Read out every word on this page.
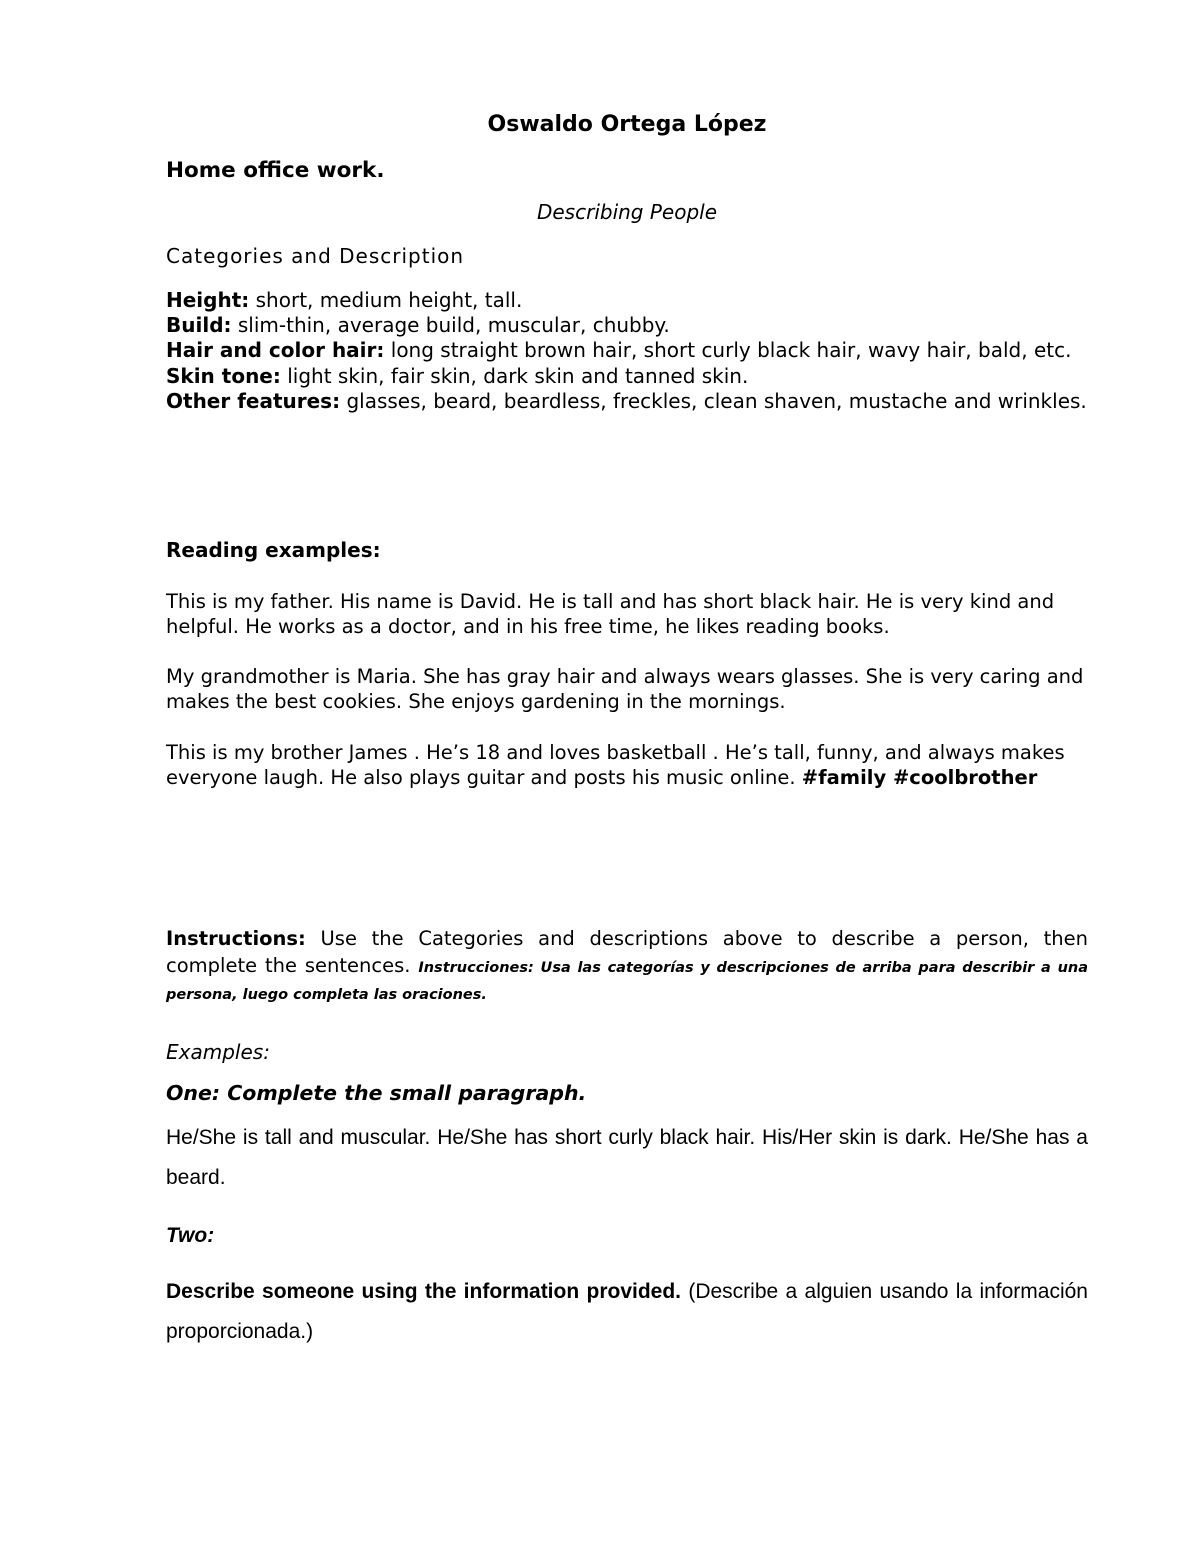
Oswaldo Ortega López
Home office work.
Describing People
Categories and Description
Height: short, medium height, tall.
Build: slim-thin, average build, muscular, chubby.
Hair and color hair: long straight brown hair, short curly black hair, wavy hair, bald, etc.
Skin tone: light skin, fair skin, dark skin and tanned skin.
Other features: glasses, beard, beardless, freckles, clean shaven, mustache and wrinkles.
Reading examples:
This is my father. His name is David. He is tall and has short black hair. He is very kind and helpful. He works as a doctor, and in his free time, he likes reading books.
My grandmother is Maria. She has gray hair and always wears glasses. She is very caring and makes the best cookies. She enjoys gardening in the mornings.
This is my brother James . He’s 18 and loves basketball . He’s tall, funny, and always makes everyone laugh. He also plays guitar and posts his music online. #family #coolbrother
Instructions: Use the Categories and descriptions above to describe a person, then complete the sentences. Instrucciones: Usa las categorías y descripciones de arriba para describir a una persona, luego completa las oraciones.
Examples:
One: Complete the small paragraph.
He/She is tall and muscular. He/She has short curly black hair. His/Her skin is dark. He/She has a beard.
Two:
Describe someone using the information provided. (Describe a alguien usando la información proporcionada.)
